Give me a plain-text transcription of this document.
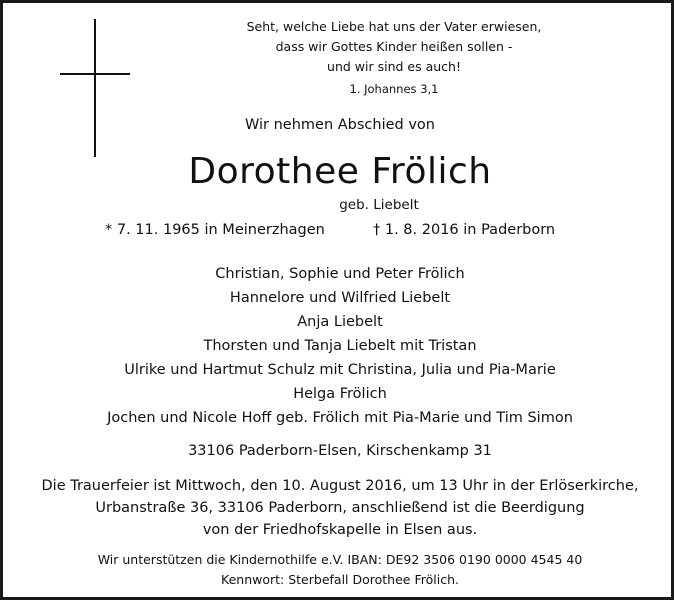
Seht, welche Liebe hat uns der Vater erwiesen,
dass wir Gottes Kinder heißen sollen -
und wir sind es auch!
1. Johannes 3,1
Wir nehmen Abschied von
Dorothee Frölich
geb. Liebelt
* 7. 11. 1965 in Meinerzhagen	† 1. 8. 2016 in Paderborn
Christian, Sophie und Peter Frölich
Hannelore und Wilfried Liebelt
Anja Liebelt
Thorsten und Tanja Liebelt mit Tristan
Ulrike und Hartmut Schulz mit Christina, Julia und Pia-Marie
Helga Frölich
Jochen und Nicole Hoff geb. Frölich mit Pia-Marie und Tim Simon
33106 Paderborn-Elsen, Kirschenkamp 31
Die Trauerfeier ist Mittwoch, den 10. August 2016, um 13 Uhr in der Erlöserkirche,
Urbanstraße 36, 33106 Paderborn, anschließend ist die Beerdigung
von der Friedhofskapelle in Elsen aus.
Wir unterstützen die Kindernothilfe e.V. IBAN: DE92 3506 0190 0000 4545 40
Kennwort: Sterbefall Dorothee Frölich.
